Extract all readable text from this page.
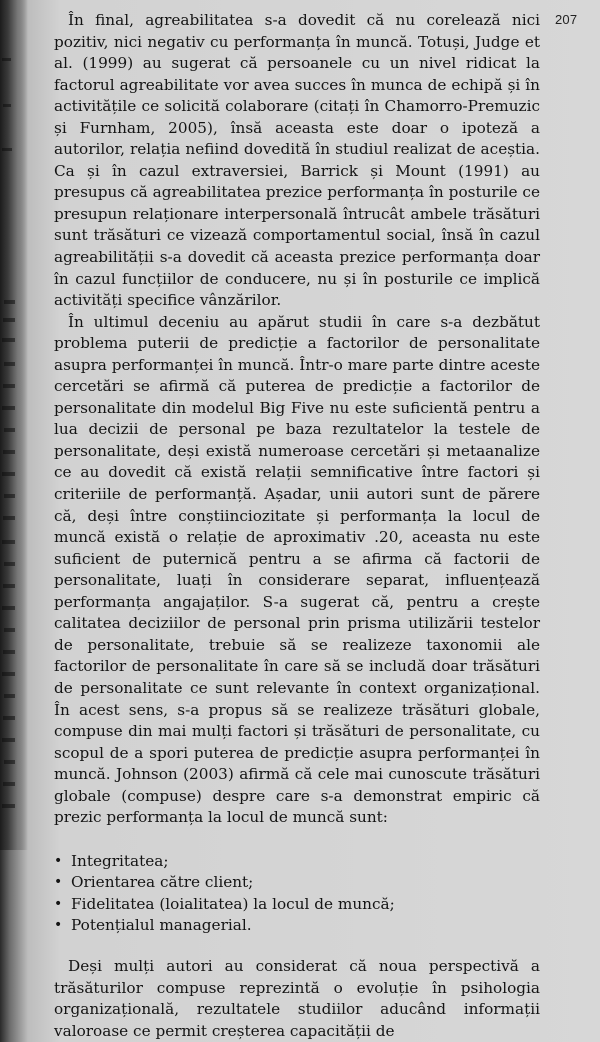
207

În final, agreabilitatea s-a dovedit că nu corelează nici pozitiv, nici negativ cu performanța în muncă. Totuși, Judge et al. (1999) au sugerat că persoanele cu un nivel ridicat la factorul agreabilitate vor avea succes în munca de echipă și în activitățile ce solicită colaborare (citați în Chamorro-Premuzic și Furnham, 2005), însă aceasta este doar o ipoteză a autorilor, relația nefiind dovedită în studiul realizat de aceștia. Ca și în cazul extraversiei, Barrick și Mount (1991) au presupus că agreabilitatea prezice performanța în posturile ce presupun relaționare interpersonală întrucât ambele trăsături sunt trăsături ce vizează comportamentul social, însă în cazul agreabilității s-a dovedit că aceasta prezice performanța doar în cazul funcțiilor de conducere, nu și în posturile ce implică activități specifice vânzărilor.

În ultimul deceniu au apărut studii în care s-a dezbătut problema puterii de predicție a factorilor de personalitate asupra performanței în muncă. Într-o mare parte dintre aceste cercetări se afirmă că puterea de predicție a factorilor de personalitate din modelul Big Five nu este suficientă pentru a lua decizii de personal pe baza rezultatelor la testele de personalitate, deși există numeroase cercetări și metaanalize ce au dovedit că există relații semnificative între factori și criteriile de performanță. Așadar, unii autori sunt de părere că, deși între conștiinciozitate și performanța la locul de muncă există o relație de aproximativ .20, aceasta nu este suficient de puternică pentru a se afirma că factorii de personalitate, luați în considerare separat, influențează performanța angajaților. S-a sugerat că, pentru a crește calitatea deciziilor de personal prin prisma utilizării testelor de personalitate, trebuie să se realizeze taxonomii ale factorilor de personalitate în care să se includă doar trăsături de personalitate ce sunt relevante în context organizațional. În acest sens, s-a propus să se realizeze trăsături globale, compuse din mai mulți factori și trăsături de personalitate, cu scopul de a spori puterea de predicție asupra performanței în muncă. Johnson (2003) afirmă că cele mai cunoscute trăsături globale (compuse) despre care s-a demonstrat empiric că prezic performanța la locul de muncă sunt:

• Integritatea;
• Orientarea către client;
• Fidelitatea (loialitatea) la locul de muncă;
• Potențialul managerial.

Deși mulți autori au considerat că noua perspectivă a trăsăturilor compuse reprezintă o evoluție în psihologia organizațională, rezultatele studiilor aducând informații valoroase ce permit creșterea capacității de
